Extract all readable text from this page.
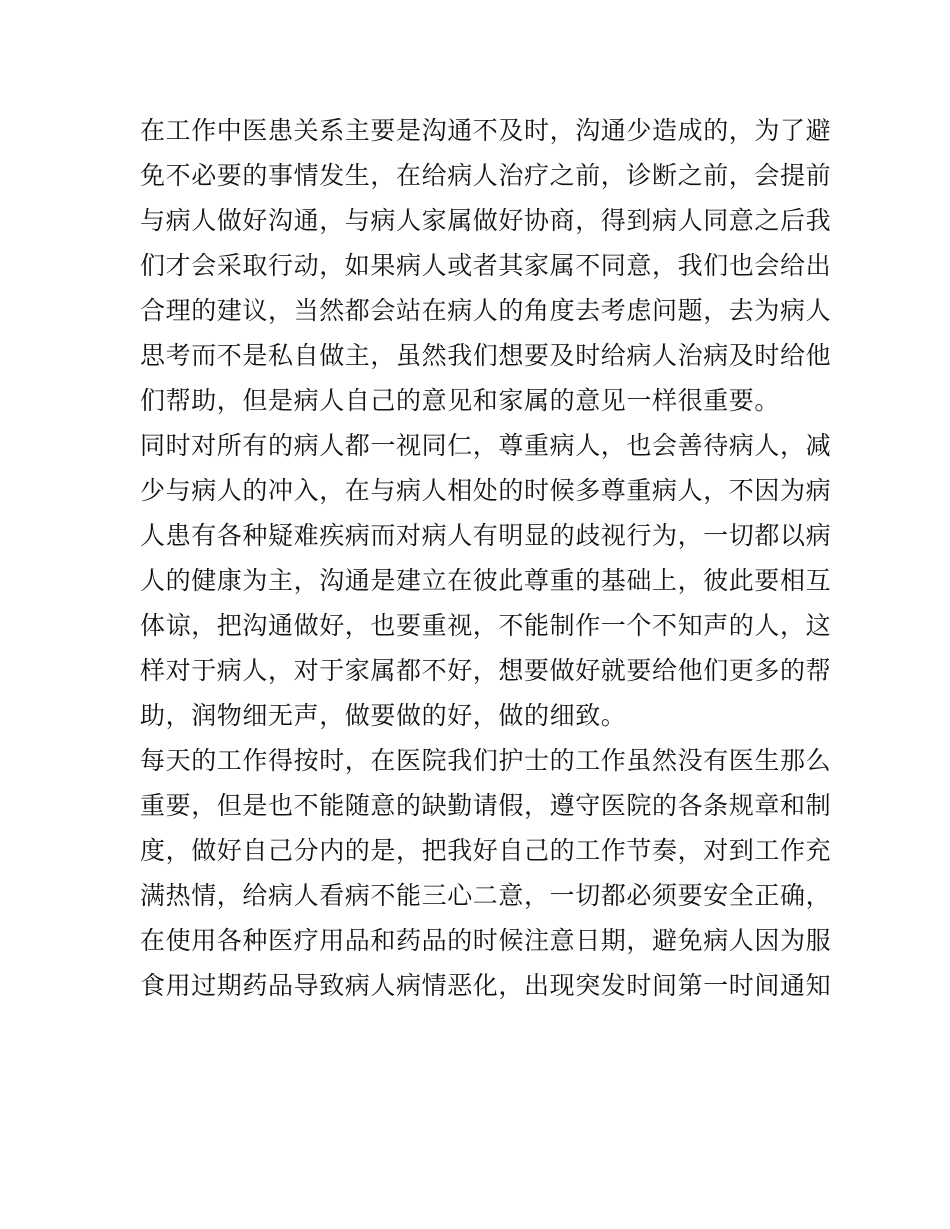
在工作中医患关系主要是沟通不及时，沟通少造成的，为了避
免不必要的事情发生，在给病人治疗之前，诊断之前，会提前
与病人做好沟通，与病人家属做好协商，得到病人同意之后我
们才会采取行动，如果病人或者其家属不同意，我们也会给出
合理的建议，当然都会站在病人的角度去考虑问题，去为病人
思考而不是私自做主，虽然我们想要及时给病人治病及时给他
们帮助，但是病人自己的意见和家属的意见一样很重要。
同时对所有的病人都一视同仁，尊重病人，也会善待病人，减
少与病人的冲入，在与病人相处的时候多尊重病人，不因为病
人患有各种疑难疾病而对病人有明显的歧视行为，一切都以病
人的健康为主，沟通是建立在彼此尊重的基础上，彼此要相互
体谅，把沟通做好，也要重视，不能制作一个不知声的人，这
样对于病人，对于家属都不好，想要做好就要给他们更多的帮
助，润物细无声，做要做的好，做的细致。
每天的工作得按时，在医院我们护士的工作虽然没有医生那么
重要，但是也不能随意的缺勤请假，遵守医院的各条规章和制
度，做好自己分内的是，把我好自己的工作节奏，对到工作充
满热情，给病人看病不能三心二意，一切都必须要安全正确，
在使用各种医疗用品和药品的时候注意日期，避免病人因为服
食用过期药品导致病人病情恶化，出现突发时间第一时间通知
